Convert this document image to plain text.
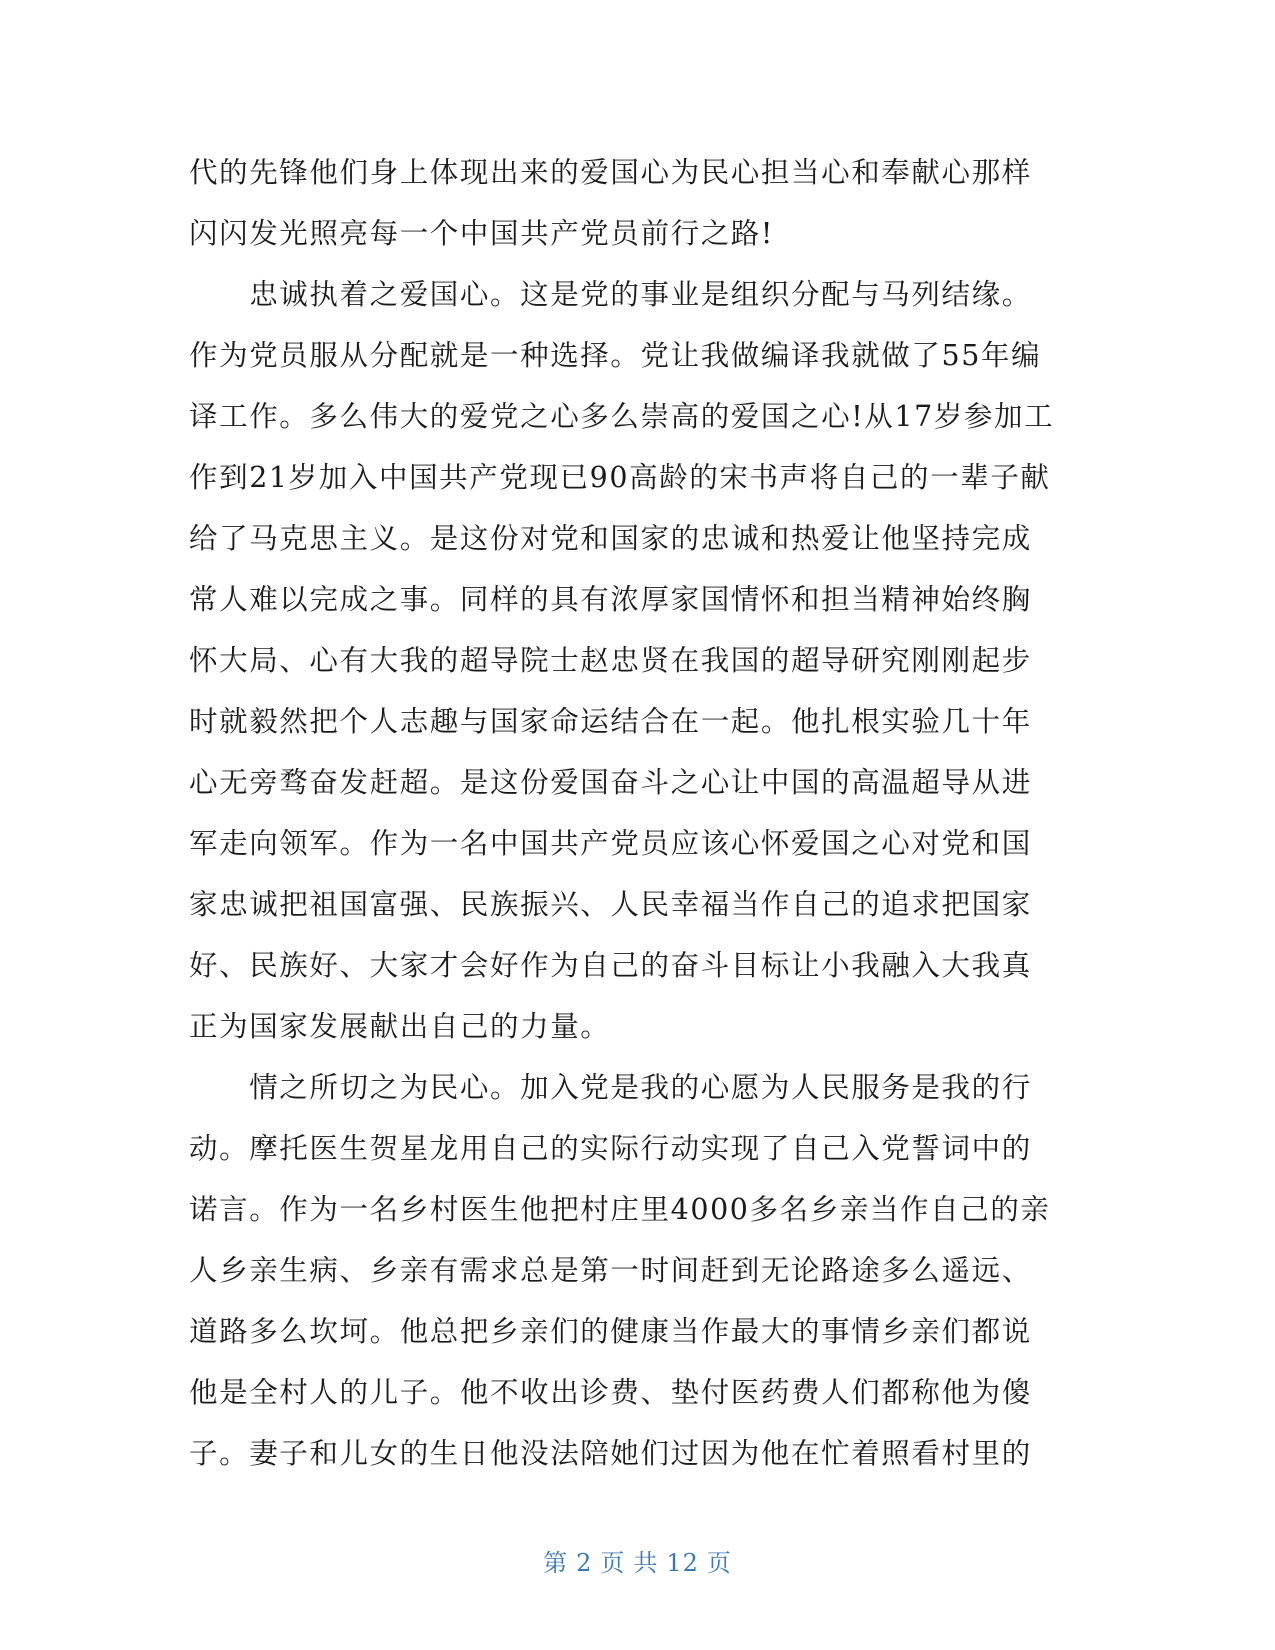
代的先锋他们身上体现出来的爱国心为民心担当心和奉献心那样
闪闪发光照亮每一个中国共产党员前行之路!
　　忠诚执着之爱国心。这是党的事业是组织分配与马列结缘。
作为党员服从分配就是一种选择。党让我做编译我就做了55年编
译工作。多么伟大的爱党之心多么崇高的爱国之心!从17岁参加工
作到21岁加入中国共产党现已90高龄的宋书声将自己的一辈子献
给了马克思主义。是这份对党和国家的忠诚和热爱让他坚持完成
常人难以完成之事。同样的具有浓厚家国情怀和担当精神始终胸
怀大局、心有大我的超导院士赵忠贤在我国的超导研究刚刚起步
时就毅然把个人志趣与国家命运结合在一起。他扎根实验几十年
心无旁骛奋发赶超。是这份爱国奋斗之心让中国的高温超导从进
军走向领军。作为一名中国共产党员应该心怀爱国之心对党和国
家忠诚把祖国富强、民族振兴、人民幸福当作自己的追求把国家
好、民族好、大家才会好作为自己的奋斗目标让小我融入大我真
正为国家发展献出自己的力量。
　　情之所切之为民心。加入党是我的心愿为人民服务是我的行
动。摩托医生贺星龙用自己的实际行动实现了自己入党誓词中的
诺言。作为一名乡村医生他把村庄里4000多名乡亲当作自己的亲
人乡亲生病、乡亲有需求总是第一时间赶到无论路途多么遥远、
道路多么坎坷。他总把乡亲们的健康当作最大的事情乡亲们都说
他是全村人的儿子。他不收出诊费、垫付医药费人们都称他为傻
子。妻子和儿女的生日他没法陪她们过因为他在忙着照看村里的
第 2 页 共 12 页
